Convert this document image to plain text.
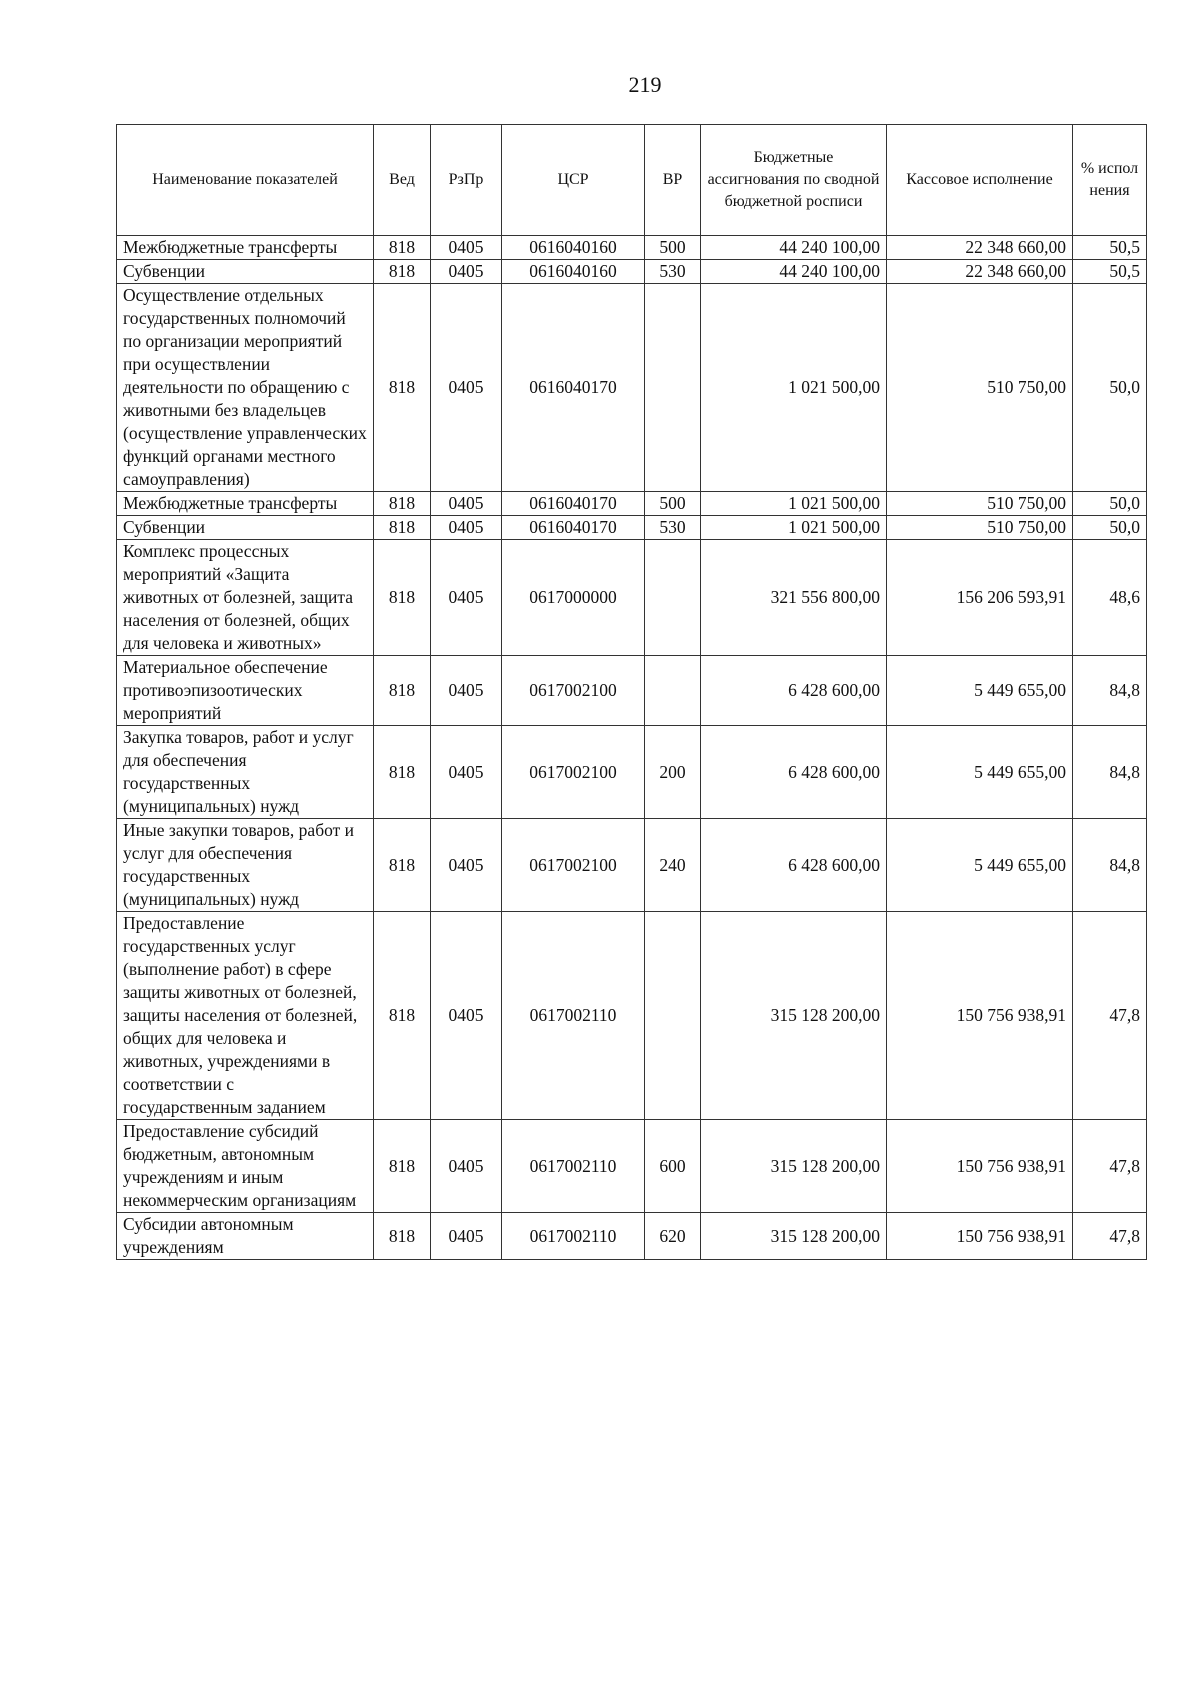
219
Наименование показателей	Вед	РзПр	ЦСР	ВР	Бюджетные ассигнования по сводной бюджетной росписи	Кассовое исполнение	% испол нения
Межбюджетные трансферты	818	0405	0616040160	500	44 240 100,00	22 348 660,00	50,5
Субвенции	818	0405	0616040160	530	44 240 100,00	22 348 660,00	50,5
Осуществление отдельных государственных полномочий по организации мероприятий при осуществлении деятельности по обращению с животными без владельцев (осуществление управленческих функций органами местного самоуправления)	818	0405	0616040170		1 021 500,00	510 750,00	50,0
Межбюджетные трансферты	818	0405	0616040170	500	1 021 500,00	510 750,00	50,0
Субвенции	818	0405	0616040170	530	1 021 500,00	510 750,00	50,0
Комплекс процессных мероприятий «Защита животных от болезней, защита населения от болезней, общих для человека и животных»	818	0405	0617000000		321 556 800,00	156 206 593,91	48,6
Материальное обеспечение противоэпизоотических мероприятий	818	0405	0617002100		6 428 600,00	5 449 655,00	84,8
Закупка товаров, работ и услуг для обеспечения государственных (муниципальных) нужд	818	0405	0617002100	200	6 428 600,00	5 449 655,00	84,8
Иные закупки товаров, работ и услуг для обеспечения государственных (муниципальных) нужд	818	0405	0617002100	240	6 428 600,00	5 449 655,00	84,8
Предоставление государственных услуг (выполнение работ) в сфере защиты животных от болезней, защиты населения от болезней, общих для человека и животных, учреждениями в соответствии с государственным заданием	818	0405	0617002110		315 128 200,00	150 756 938,91	47,8
Предоставление субсидий бюджетным, автономным учреждениям и иным некоммерческим организациям	818	0405	0617002110	600	315 128 200,00	150 756 938,91	47,8
Субсидии автономным учреждениям	818	0405	0617002110	620	315 128 200,00	150 756 938,91	47,8
